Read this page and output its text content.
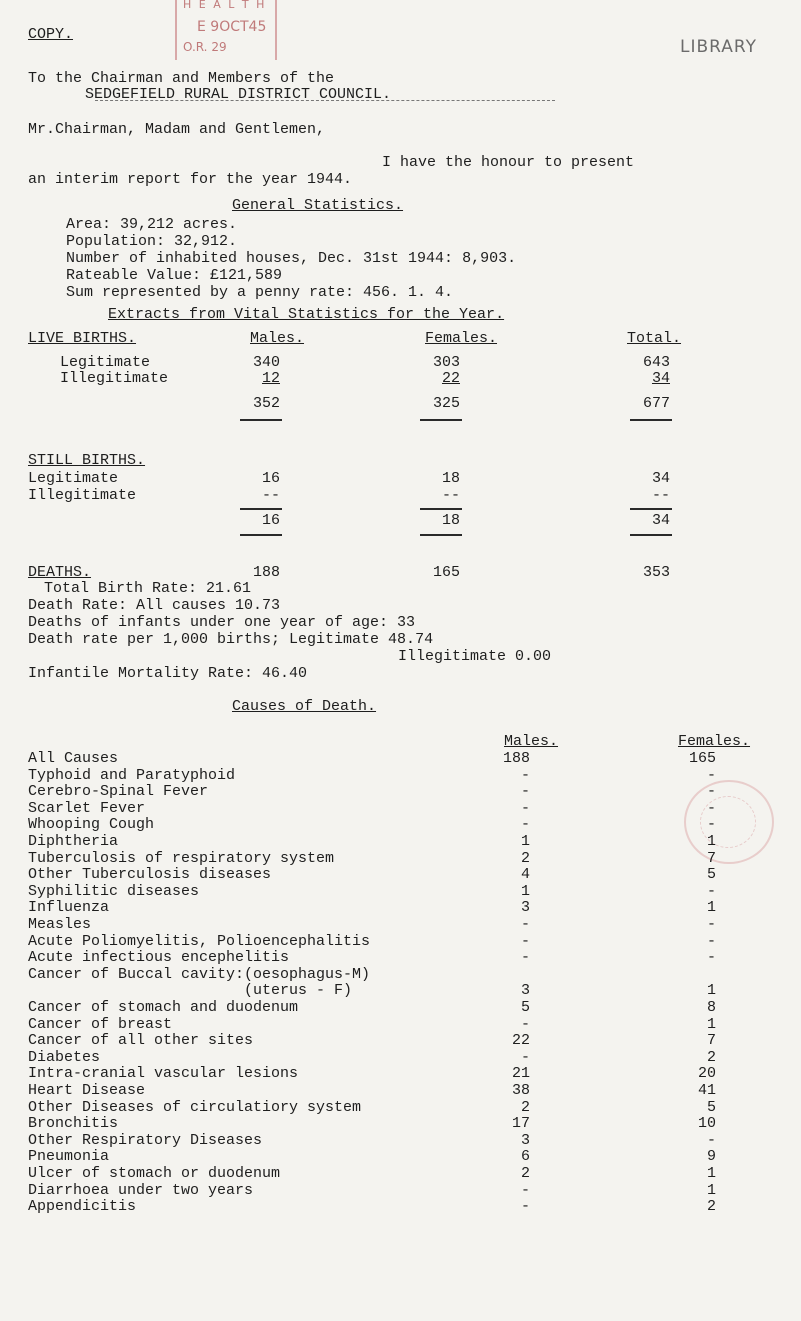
COPY.
H E A L T H
E 9OCT45
O.R. 29	LIBRARY
To the Chairman and Members of the
SEDGEFIELD RURAL DISTRICT COUNCIL.
Mr.Chairman, Madam and Gentlemen,
I have the honour to present
an interim report for the year 1944.
General Statistics.
Area: 39,212 acres.
Population: 32,912.
Number of inhabited houses, Dec. 31st 1944: 8,903.
Rateable Value: £121,589
Sum represented by a penny rate: 456. 1. 4.
Extracts from Vital Statistics for the Year.
LIVE BIRTHS.	Males.	Females.	Total.
Legitimate	340	303	643
Illegitimate	12	22	34
352	325	677
STILL BIRTHS.
Legitimate	16	18	34
Illegitimate	--	--	--
16	18	34
DEATHS.	188	165	353
Total Birth Rate: 21.61
Death Rate: All causes 10.73
Deaths of infants under one year of age: 33
Death rate per 1,000 births; Legitimate 48.74
Illegitimate 0.00
Infantile Mortality Rate: 46.40
Causes of Death.
Males.	Females.
All Causes	188	165
Typhoid and Paratyphoid	-	-
Cerebro-Spinal Fever	-	-
Scarlet Fever	-	-
Whooping Cough	-	-
Diphtheria	1	1
Tuberculosis of respiratory system	2	7
Other Tuberculosis diseases	4	5
Syphilitic diseases	1	-
Influenza	3	1
Measles	-	-
Acute Poliomyelitis, Polioencephalitis	-	-
Acute infectious encephelitis	-	-
Cancer of Buccal cavity:(oesophagus-M)
(uterus - F)	3	1
Cancer of stomach and duodenum	5	8
Cancer of breast	-	1
Cancer of all other sites	22	7
Diabetes	-	2
Intra-cranial vascular lesions	21	20
Heart Disease	38	41
Other Diseases of circulatiory system	2	5
Bronchitis	17	10
Other Respiratory Diseases	3	-
Pneumonia	6	9
Ulcer of stomach or duodenum	2	1
Diarrhoea under two years	-	1
Appendicitis	-	2
